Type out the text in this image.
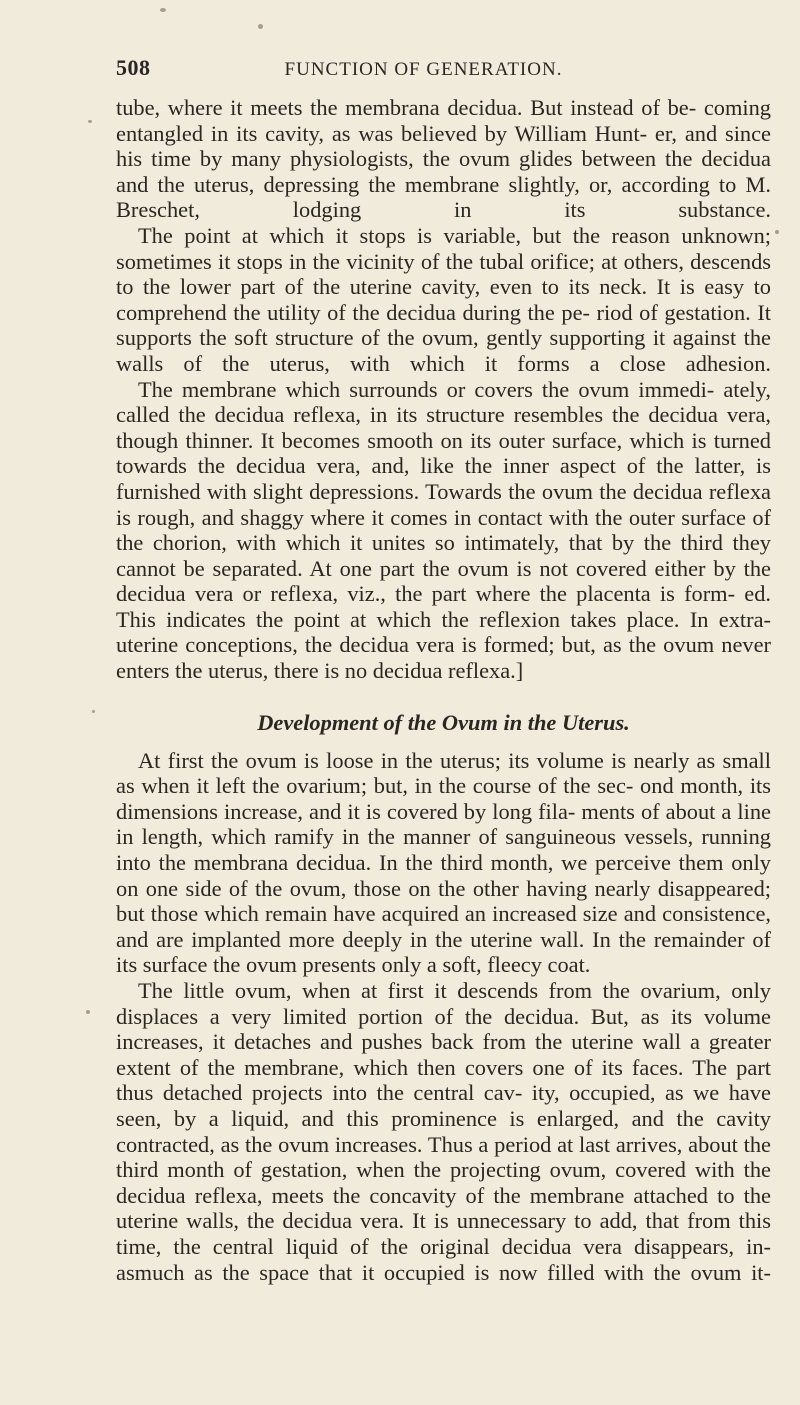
508	FUNCTION OF GENERATION.

tube, where it meets the membrana decidua. But instead of be- coming entangled in its cavity, as was believed by William Hunt- er, and since his time by many physiologists, the ovum glides between the decidua and the uterus, depressing the membrane slightly, or, according to M. Breschet, lodging in its substance.

The point at which it stops is variable, but the reason unknown; sometimes it stops in the vicinity of the tubal orifice; at others, descends to the lower part of the uterine cavity, even to its neck. It is easy to comprehend the utility of the decidua during the pe- riod of gestation. It supports the soft structure of the ovum, gently supporting it against the walls of the uterus, with which it forms a close adhesion.

The membrane which surrounds or covers the ovum immedi- ately, called the decidua reflexa, in its structure resembles the decidua vera, though thinner. It becomes smooth on its outer surface, which is turned towards the decidua vera, and, like the inner aspect of the latter, is furnished with slight depressions. Towards the ovum the decidua reflexa is rough, and shaggy where it comes in contact with the outer surface of the chorion, with which it unites so intimately, that by the third they cannot be separated. At one part the ovum is not covered either by the decidua vera or reflexa, viz., the part where the placenta is form- ed. This indicates the point at which the reflexion takes place. In extra-uterine conceptions, the decidua vera is formed; but, as the ovum never enters the uterus, there is no decidua reflexa.]

Development of the Ovum in the Uterus.

At first the ovum is loose in the uterus; its volume is nearly as small as when it left the ovarium; but, in the course of the sec- ond month, its dimensions increase, and it is covered by long fila- ments of about a line in length, which ramify in the manner of sanguineous vessels, running into the membrana decidua. In the third month, we perceive them only on one side of the ovum, those on the other having nearly disappeared; but those which remain have acquired an increased size and consistence, and are implanted more deeply in the uterine wall. In the remainder of its surface the ovum presents only a soft, fleecy coat.

The little ovum, when at first it descends from the ovarium, only displaces a very limited portion of the decidua. But, as its volume increases, it detaches and pushes back from the uterine wall a greater extent of the membrane, which then covers one of its faces. The part thus detached projects into the central cav- ity, occupied, as we have seen, by a liquid, and this prominence is enlarged, and the cavity contracted, as the ovum increases. Thus a period at last arrives, about the third month of gestation, when the projecting ovum, covered with the decidua reflexa, meets the concavity of the membrane attached to the uterine walls, the decidua vera. It is unnecessary to add, that from this time, the central liquid of the original decidua vera disappears, in- asmuch as the space that it occupied is now filled with the ovum it-
